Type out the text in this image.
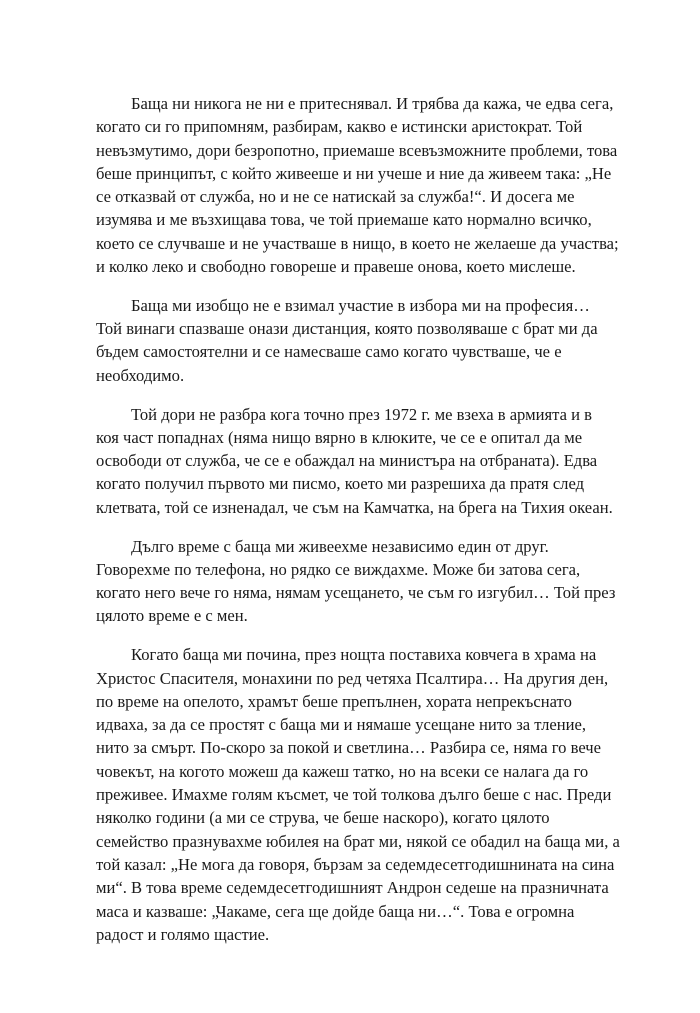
Баща ни никога не ни е притеснявал. И трябва да кажа, че едва сега,
когато си го припомням, разбирам, какво е истински аристократ. Той
невъзмутимо, дори безропотно, приемаше всевъзможните проблеми, това
беше принципът, с който живееше и ни учеше и ние да живеем така: „Не
се отказвай от служба, но и не се натискай за служба!“. И досега ме
изумява и ме възхищава това, че той приемаше като нормално всичко,
което се случваше и не участваше в нищо, в което не желаеше да участва;
и колко леко и свободно говореше и правеше онова, което мислеше.

Баща ми изобщо не е взимал участие в избора ми на професия…
Той винаги спазваше онази дистанция, която позволяваше с брат ми да
бъдем самостоятелни и се намесваше само когато чувстваше, че е
необходимо.

Той дори не разбра кога точно през 1972 г. ме взеха в армията и в
коя част попаднах (няма нищо вярно в клюките, че се е опитал да ме
освободи от служба, че се е обаждал на министъра на отбраната). Едва
когато получил първото ми писмо, което ми разрешиха да пратя след
клетвата, той се изненадал, че съм на Камчатка, на брега на Тихия океан.

Дълго време с баща ми живеехме независимо един от друг.
Говорехме по телефона, но рядко се виждахме. Може би затова сега,
когато него вече го няма, нямам усещането, че съм го изгубил… Той през
цялото време е с мен.

Когато баща ми почина, през нощта поставиха ковчега в храма на
Христос Спасителя, монахини по ред четяха Псалтира… На другия ден,
по време на опелото, храмът беше препълнен, хората непрекъснато
идваха, за да се простят с баща ми и нямаше усещане нито за тление,
нито за смърт. По-скоро за покой и светлина… Разбира се, няма го вече
човекът, на когото можеш да кажеш татко, но на всеки се налага да го
преживее. Имахме голям късмет, че той толкова дълго беше с нас. Преди
няколко години (а ми се струва, че беше наскоро), когато цялото
семейство празнувахме юбилея на брат ми, някой се обадил на баща ми, а
той казал: „Не мога да говоря, бързам за седемдесетгодишнината на сина
ми“. В това време седемдесетгодишният Андрон седеше на празничната
маса и казваше: „Чакаме, сега ще дойде баща ни…“. Това е огромна
радост и голямо щастие.
